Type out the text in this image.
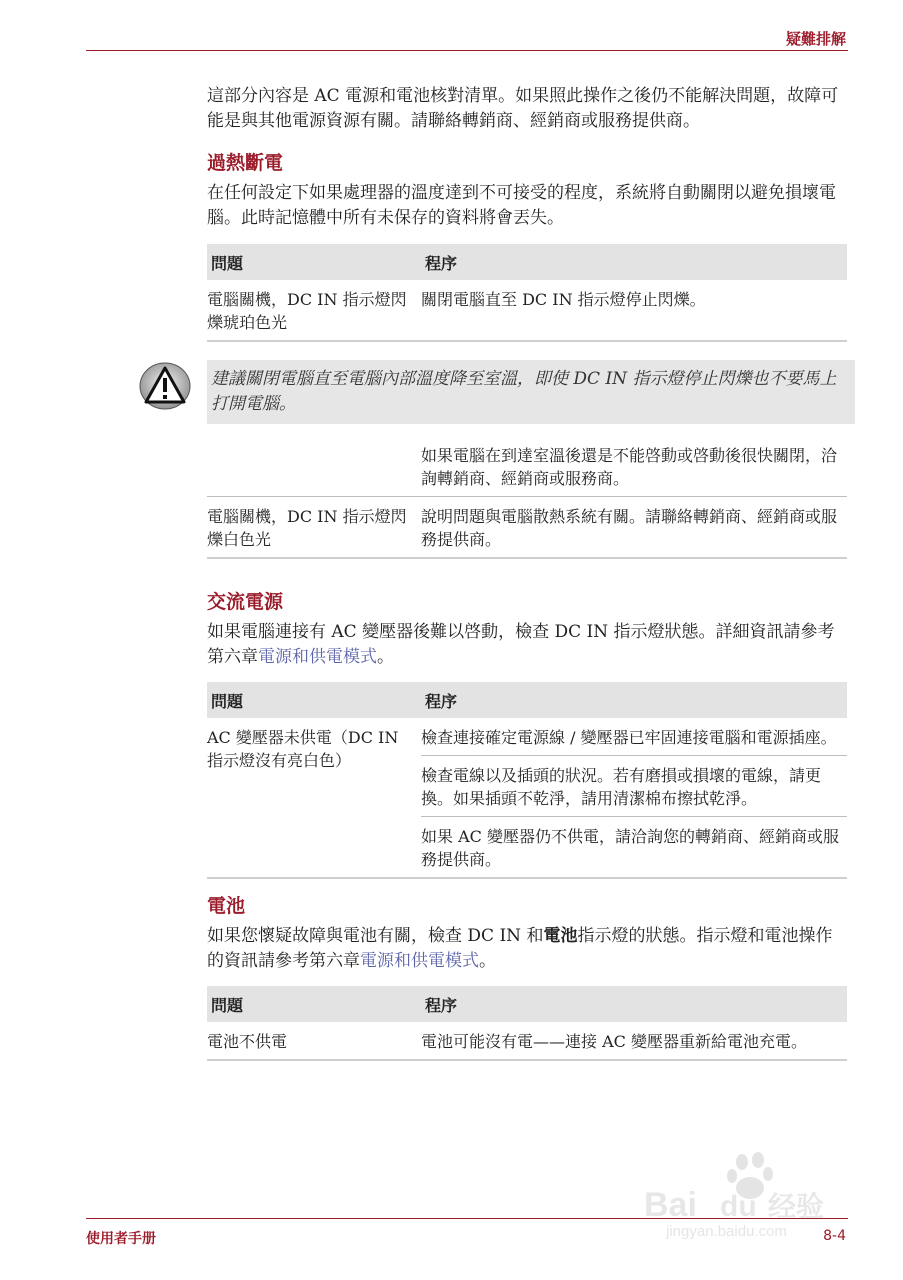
疑難排解

這部分內容是 AC 電源和電池核對清單。如果照此操作之後仍不能解決問題，故障可能是與其他電源資源有關。請聯絡轉銷商、經銷商或服務提供商。

過熱斷電

在任何設定下如果處理器的溫度達到不可接受的程度，系統將自動關閉以避免損壞電腦。此時記憶體中所有未保存的資料將會丟失。

問題	程序
電腦關機，DC IN 指示燈閃爍琥珀色光	關閉電腦直至 DC IN 指示燈停止閃爍。
建議關閉電腦直至電腦內部溫度降至室溫，即使 DC IN 指示燈停止閃爍也不要馬上打開電腦。
	如果電腦在到達室溫後還是不能啓動或啓動後很快關閉，洽詢轉銷商、經銷商或服務商。
電腦關機，DC IN 指示燈閃爍白色光	說明問題與電腦散熱系統有關。請聯絡轉銷商、經銷商或服務提供商。
交流電源

如果電腦連接有 AC 變壓器後難以啓動，檢查 DC IN 指示燈狀態。詳細資訊請參考第六章電源和供電模式。

問題	程序
AC 變壓器未供電（DC IN 指示燈沒有亮白色）	檢查連接確定電源線 / 變壓器已牢固連接電腦和電源插座。
	檢查電線以及插頭的狀況。若有磨損或損壞的電線，請更換。如果插頭不乾淨，請用清潔棉布擦拭乾淨。
	如果 AC 變壓器仍不供電，請洽詢您的轉銷商、經銷商或服務提供商。
電池

如果您懷疑故障與電池有關，檢查 DC IN 和電池指示燈的狀態。指示燈和電池操作的資訊請參考第六章電源和供電模式。

問題	程序
電池不供電	電池可能沒有電——連接 AC 變壓器重新給電池充電。
Bai du 经验
jingyan.baidu.com
使用者手册	8-4
